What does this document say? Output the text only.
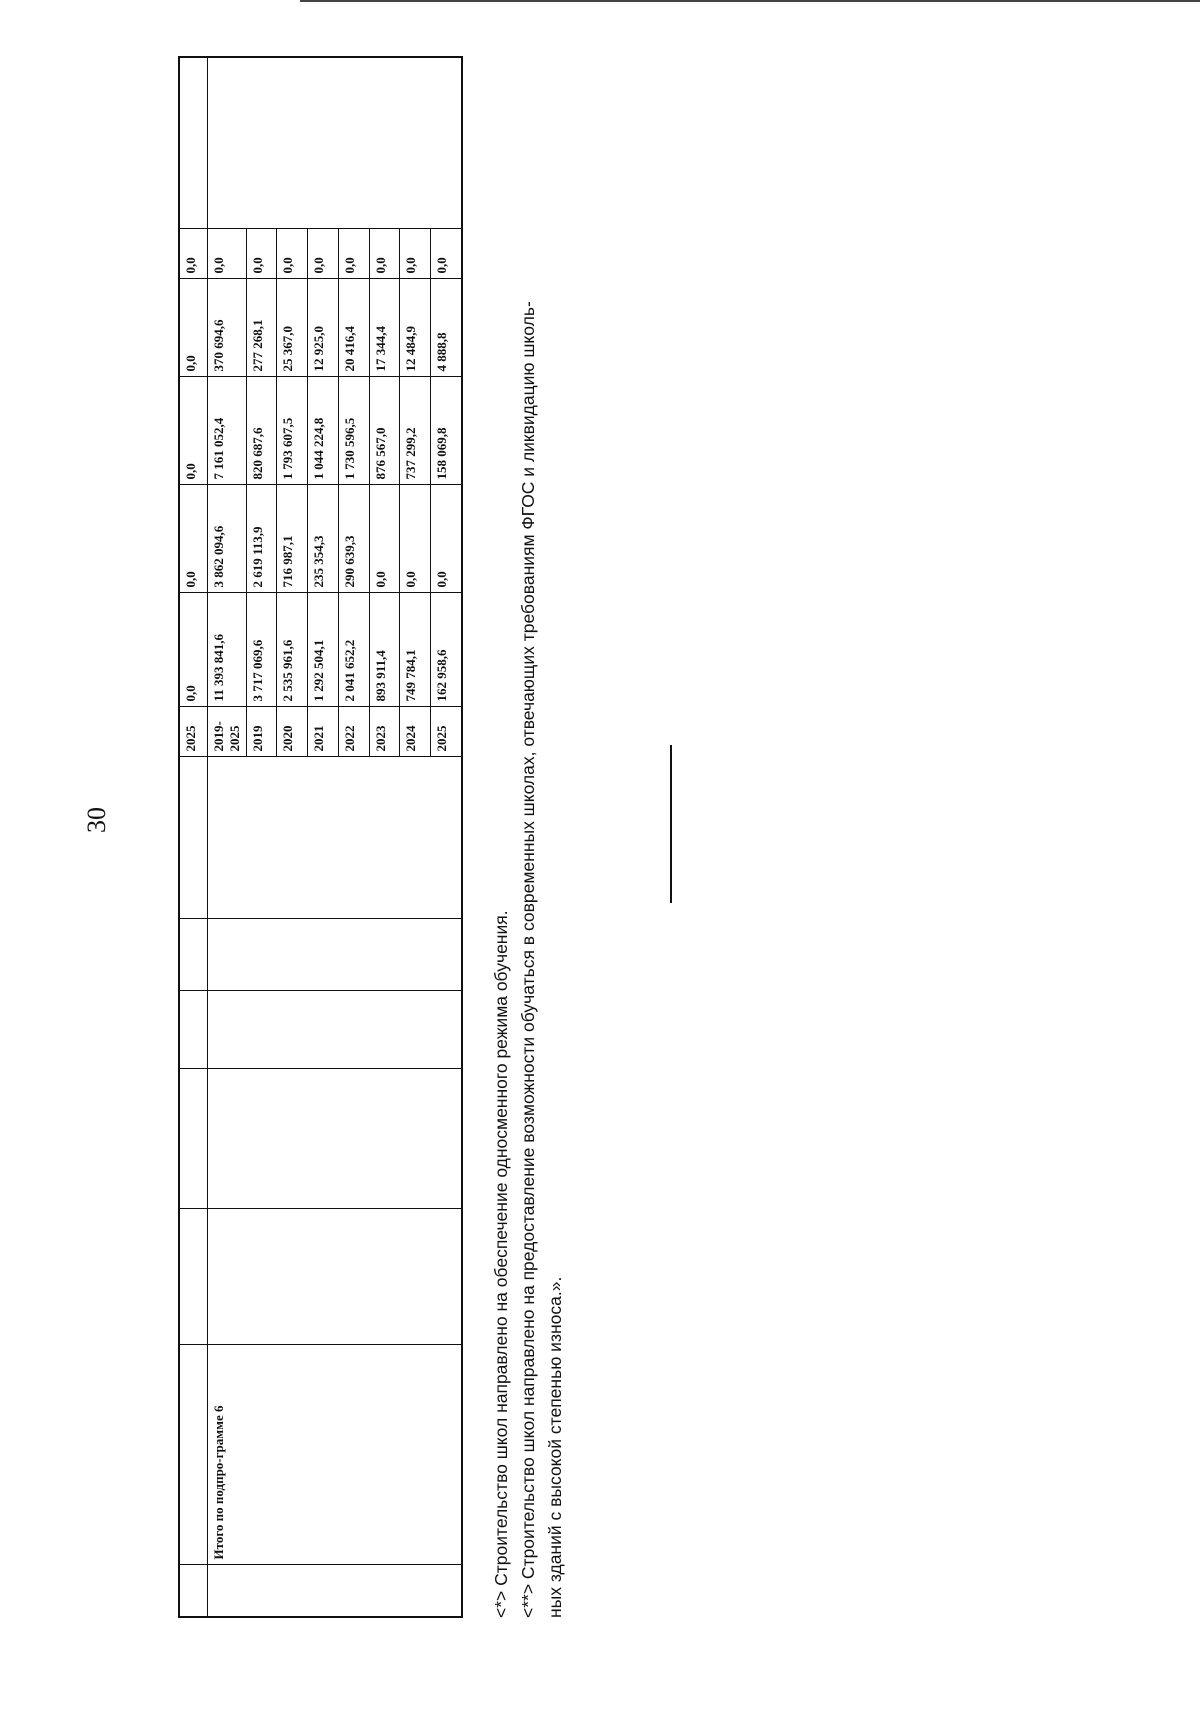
30
							2025	0,0	0,0	0,0	0,0	0,0	
	Итого по подпро-грамме 6						2019-2025	11 393 841,6	3 862 094,6	7 161 052,4	370 694,6	0,0	
							2019	3 717 069,6	2 619 113,9	820 687,6	277 268,1	0,0	
							2020	2 535 961,6	716 987,1	1 793 607,5	25 367,0	0,0	
							2021	1 292 504,1	235 354,3	1 044 224,8	12 925,0	0,0	
							2022	2 041 652,2	290 639,3	1 730 596,5	20 416,4	0,0	
							2023	893 911,4	0,0	876 567,0	17 344,4	0,0	
							2024	749 784,1	0,0	737 299,2	12 484,9	0,0	
							2025	162 958,6	0,0	158 069,8	4 888,8	0,0	

<*> Строительство школ направлено на обеспечение односменного режима обучения. <**> Строительство школ направлено на предоставление возможности обучаться в современных школах, отвечающих требованиям ФГОС и ликвидацию школь- ных зданий с высокой степенью износа.».
